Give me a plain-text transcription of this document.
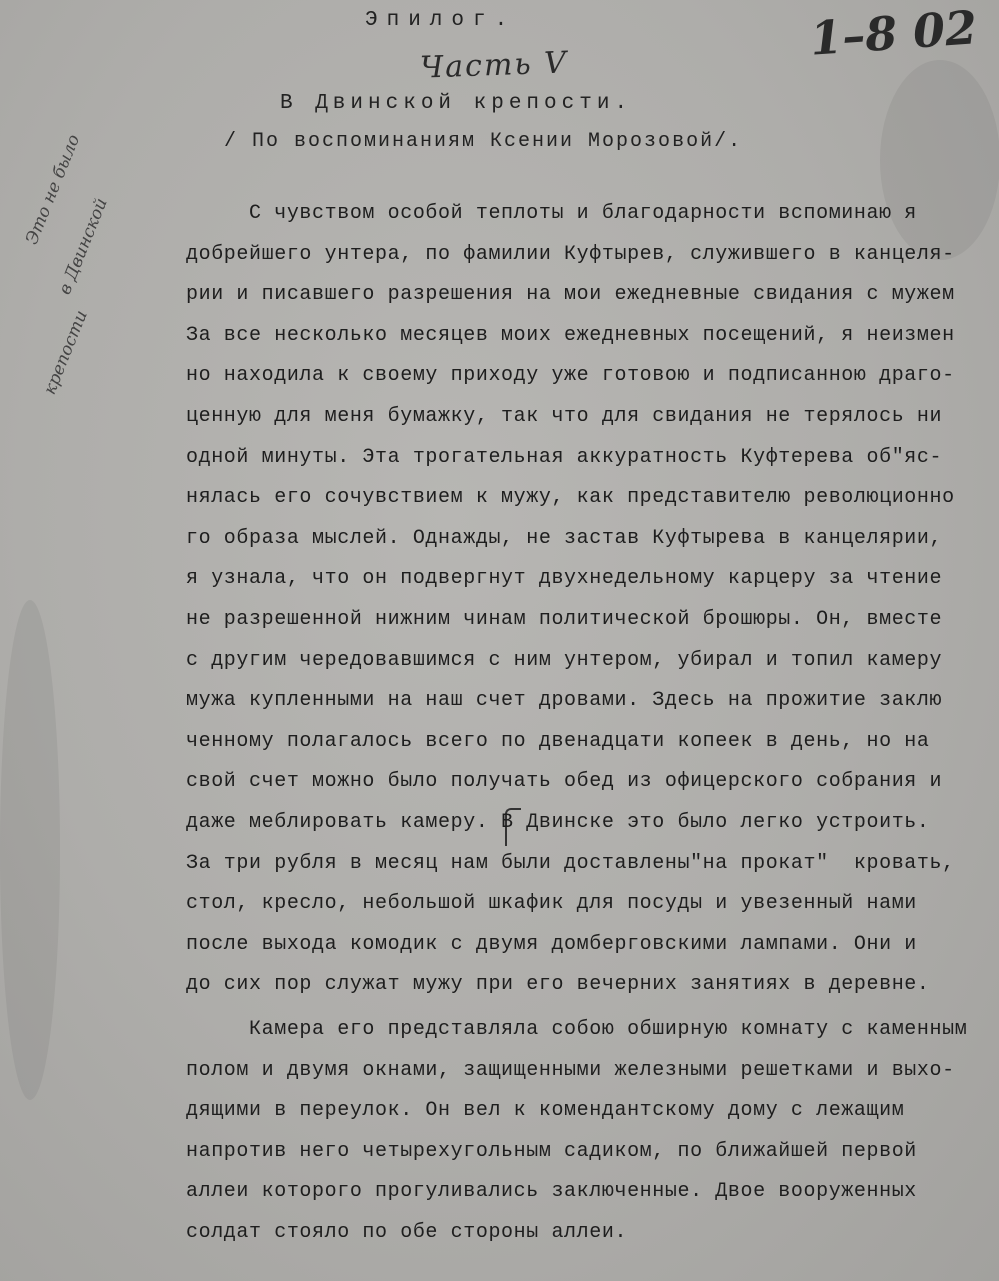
Эпилог.
Часть V	1–8 02
В Двинской крепости.
/ По воспоминаниям Ксении Морозовой/.
Это не было
в Двинской
крепости
С чувством особой теплоты и благодарности вспоминаю я
добрейшего унтера, по фамилии Куфтырев, служившего в канцеля-
рии и писавшего разрешения на мои ежедневные свидания с мужем
За все несколько месяцев моих ежедневных посещений, я неизмен
но находила к своему приходу уже готовою и подписанною драго-
ценную для меня бумажку, так что для свидания не терялось ни
одной минуты. Эта трогательная аккуратность Куфтерева об"яс-
нялась его сочувствием к мужу, как представителю революционно
го образа мыслей. Однажды, не застав Куфтырева в канцелярии,
я узнала, что он подвергнут двухнедельному карцеру за чтение
не разрешенной нижним чинам политической брошюры. Он, вместе
с другим чередовавшимся с ним унтером, убирал и топил камеру
мужа купленными на наш счет дровами. Здесь на прожитие заклю
ченному полагалось всего по двенадцати копеек в день, но на
свой счет можно было получать обед из офицерского собрания и
даже меблировать камеру. В Двинске это было легко устроить.
За три рубля в месяц нам были доставлены"на прокат"  кровать,
стол, кресло, небольшой шкафик для посуды и увезенный нами
после выхода комодик с двумя домберговскими лампами. Они и
до сих пор служат мужу при его вечерних занятиях в деревне.
Камера его представляла собою обширную комнату с каменным
полом и двумя окнами, защищенными железными решетками и выхо-
дящими в переулок. Он вел к комендантскому дому с лежащим
напротив него четырехугольным садиком, по ближайшей первой
аллеи которого прогуливались заключенные. Двое вооруженных
солдат стояло по обе стороны аллеи.
